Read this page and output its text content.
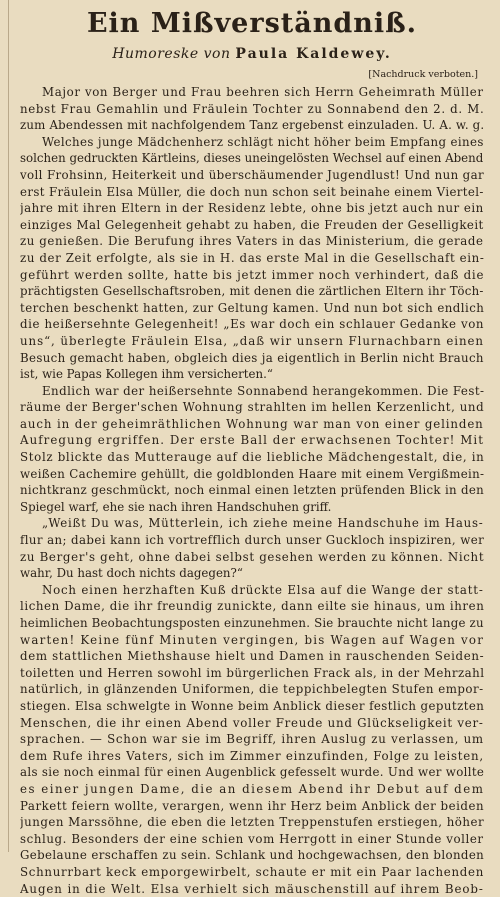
Ein Mißverständniß.
Humoreske von Paula Kaldewey.
[Nachdruck verboten.]
Major von Berger und Frau beehren sich Herrn Geheimrath Müller
nebst Frau Gemahlin und Fräulein Tochter zu Sonnabend den 2. d. M.
zum Abendessen mit nachfolgendem Tanz ergebenst einzuladen. U. A. w. g.
Welches junge Mädchenherz schlägt nicht höher beim Empfang eines
solchen gedruckten Kärtleins, dieses uneingelösten Wechsel auf einen Abend
voll Frohsinn, Heiterkeit und überschäumender Jugendlust! Und nun gar
erst Fräulein Elsa Müller, die doch nun schon seit beinahe einem Viertel-
jahre mit ihren Eltern in der Residenz lebte, ohne bis jetzt auch nur ein
einziges Mal Gelegenheit gehabt zu haben, die Freuden der Geselligkeit
zu genießen. Die Berufung ihres Vaters in das Ministerium, die gerade
zu der Zeit erfolgte, als sie in H. das erste Mal in die Gesellschaft ein-
geführt werden sollte, hatte bis jetzt immer noch verhindert, daß die
prächtigsten Gesellschaftsroben, mit denen die zärtlichen Eltern ihr Töch-
terchen beschenkt hatten, zur Geltung kamen. Und nun bot sich endlich
die heißersehnte Gelegenheit! „Es war doch ein schlauer Gedanke von
uns“, überlegte Fräulein Elsa, „daß wir unsern Flurnachbarn einen
Besuch gemacht haben, obgleich dies ja eigentlich in Berlin nicht Brauch
ist, wie Papas Kollegen ihm versicherten.“
Endlich war der heißersehnte Sonnabend herangekommen. Die Fest-
räume der Berger'schen Wohnung strahlten im hellen Kerzenlicht, und
auch in der geheimräthlichen Wohnung war man von einer gelinden
Aufregung ergriffen. Der erste Ball der erwachsenen Tochter! Mit
Stolz blickte das Mutterauge auf die liebliche Mädchengestalt, die, in
weißen Cachemire gehüllt, die goldblonden Haare mit einem Vergißmein-
nichtkranz geschmückt, noch einmal einen letzten prüfenden Blick in den
Spiegel warf, ehe sie nach ihren Handschuhen griff.
„Weißt Du was, Mütterlein, ich ziehe meine Handschuhe im Haus-
flur an; dabei kann ich vortrefflich durch unser Guckloch inspiziren, wer
zu Berger's geht, ohne dabei selbst gesehen werden zu können. Nicht
wahr, Du hast doch nichts dagegen?“
Noch einen herzhaften Kuß drückte Elsa auf die Wange der statt-
lichen Dame, die ihr freundig zunickte, dann eilte sie hinaus, um ihren
heimlichen Beobachtungsposten einzunehmen. Sie brauchte nicht lange zu
warten! Keine fünf Minuten vergingen, bis Wagen auf Wagen vor
dem stattlichen Miethshause hielt und Damen in rauschenden Seiden-
toiletten und Herren sowohl im bürgerlichen Frack als, in der Mehrzahl
natürlich, in glänzenden Uniformen, die teppichbelegten Stufen empor-
stiegen. Elsa schwelgte in Wonne beim Anblick dieser festlich geputzten
Menschen, die ihr einen Abend voller Freude und Glückseligkeit ver-
sprachen. — Schon war sie im Begriff, ihren Auslug zu verlassen, um
dem Rufe ihres Vaters, sich im Zimmer einzufinden, Folge zu leisten,
als sie noch einmal für einen Augenblick gefesselt wurde. Und wer wollte
es einer jungen Dame, die an diesem Abend ihr Debut auf dem
Parkett feiern wollte, verargen, wenn ihr Herz beim Anblick der beiden
jungen Marssöhne, die eben die letzten Treppenstufen erstiegen, höher
schlug. Besonders der eine schien vom Herrgott in einer Stunde voller
Gebelaune erschaffen zu sein. Schlank und hochgewachsen, den blonden
Schnurrbart keck emporgewirbelt, schaute er mit ein Paar lachenden
Augen in die Welt. Elsa verhielt sich mäuschenstill auf ihrem Beob-
